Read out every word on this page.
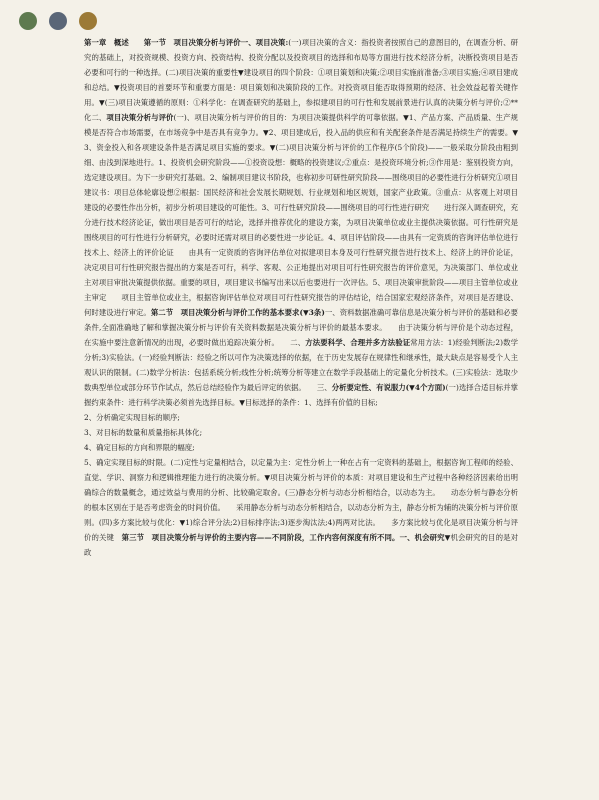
第一章　概述　　第一节　项目决策分析与评价一、项目决策:(一)项目决策的含义：指投资者按照自己的意图目的，在调查分析、研究的基础上，对投资规模、投资方向、投资结构、投资分配以及投资项目的选择和布局等方面进行技术经济分析，决断投资项目是否必要和可行的一种选择。(二)项目决策的重要性▼建设项目的四个阶段：①项目策划和决策;②项目实施前准备;③项目实施;④项目建成和总结。▼投资项目的首要环节和重要方面是：项目策划和决策阶段的工作。对投资项目能否取得预期的经济、社会效益起着关键作用。▼(三)项目决策遵循的原则：①科学化：在调查研究的基础上，参拟建项目的可行性和发展前景进行认真的决策分析与评价;②**化二、项目决策分析与评价(一)、项目决策分析与评价的目的：为项目决策提供科学的可靠依据。▼1、产品方案、产品质量、生产规模是否符合市场需要，在市场竞争中是否具有竞争力。▼2、项目建成后，投入品的供应和有关配套条件是否满足持续生产的需要。▼3、资金投入和各项建设条件是否满足项目实施的要求。▼(二)项目决策分析与评价的工作程序(5个阶段)——一般采取分阶段由粗到细、由浅到深地进行。1、投资机会研究阶段——①投资设想：概略的投资建议;②重点：是投资环境分析;③作用是：鉴别投资方向，选定建设项目。为下一步研究打基础。2、编制项目建议书阶段，也称初步可研性研究阶段——围绕项目的必要性进行分析研究①项目建议书：项目总体轮廓设想②根据：国民经济和社会发展长期规划、行业规划和地区规划，国家产业政策。③重点：从客观上对项目建设的必要性作出分析，初步分析项目建设的可能性。3、可行性研究阶段——围绕项目的可行性进行研究　　进行深入调查研究，充分进行技术经济论证，做出项目是否可行的结论，选择并推荐优化的建设方案，为项目决策单位或业主提供决策依据。可行性研究是围绕项目的可行性进行分析研究，必要时还需对项目的必要性进一步论证。4、项目评估阶段——由具有一定资质的咨询评估单位进行技术上、经济上的评价论证　　由具有一定资质的咨询评估单位对拟建项目本身及可行性研究报告进行技术上、经济上的评价论证，决定项目可行性研究报告提出的方案是否可行，科学、客观、公正地提出对项目可行性研究报告的评价意见，为决策部门、单位或业主对项目审批决策提供依据。重要的项目，项目建议书编写出来以后也要进行一次评估。5、项目决策审批阶段——项目主管单位或业主审定　　项目主管单位或业主，根据咨询评估单位对项目可行性研究报告的评估结论，结合国家宏观经济条件，对项目是否建设、何时建设进行审定。第二节　项目决策分析与评价工作的基本要求(▼3条)一、资料数据准确可靠信息是决策分析与评价的基础和必要条件,全面准确地了解和掌握决策分析与评价有关资料数据是决策分析与评价的最基本要求。　　由于决策分析与评价是个动态过程，在实施中要注意新情况的出现，必要时做出追踪决策分析。　　二、方法要科学、合理并多方法验证常用方法：1)经验判断法;2)数学分析;3)实验法。(一)经验判断法：经验之所以可作为决策选择的依据，在于历史发展存在规律性和继承性，最大缺点是容易受个人主观认识的限制。(二)数学分析法：包括系统分析;线性分析;统筹分析等建立在数学手段基础上的定量化分析技术。(三)实验法：选取少数典型单位或部分环节作试点，然后总结经验作为最后评定的依据。　　三、分析要定性、有说服力(▼4个方面)(一)选择合适目标并掌握约束条件：进行科学决策必须首先选择目标。▼目标选择的条件：1、选择有价值的目标;

2、分析确定实现目标的顺序;

3、对目标的数量和质量指标具体化;

4、确定目标的方向和界限的幅度;

5、确定实现目标的时限。(二)定性与定量相结合，以定量为主：定性分析上一种在占有一定资料的基础上，根据咨询工程师的经验、直觉、学识、洞察力和逻辑推理能力进行的决策分析。▼项目决策分析与评价的本质：对项目建设和生产过程中各种经济因素给出明确综合的数量概念，通过效益与费用的分析、比较确定取舍。(三)静态分析与动态分析相结合，以动态为主。　　动态分析与静态分析的根本区别在于是否考虑资金的时间价值。　　采用静态分析与动态分析相结合，以动态分析为主，静态分析为辅的决策分析与评价原则。(四)多方案比较与优化：▼1)综合评分法;2)目标排序法;3)逐步淘汰法;4)两两对比法。　　多方案比较与优化是项目决策分析与评价的关键　第三节　项目决策分析与评价的主要内容——不同阶段，工作内容何深度有所不同。一、机会研究▼机会研究的目的是对政
